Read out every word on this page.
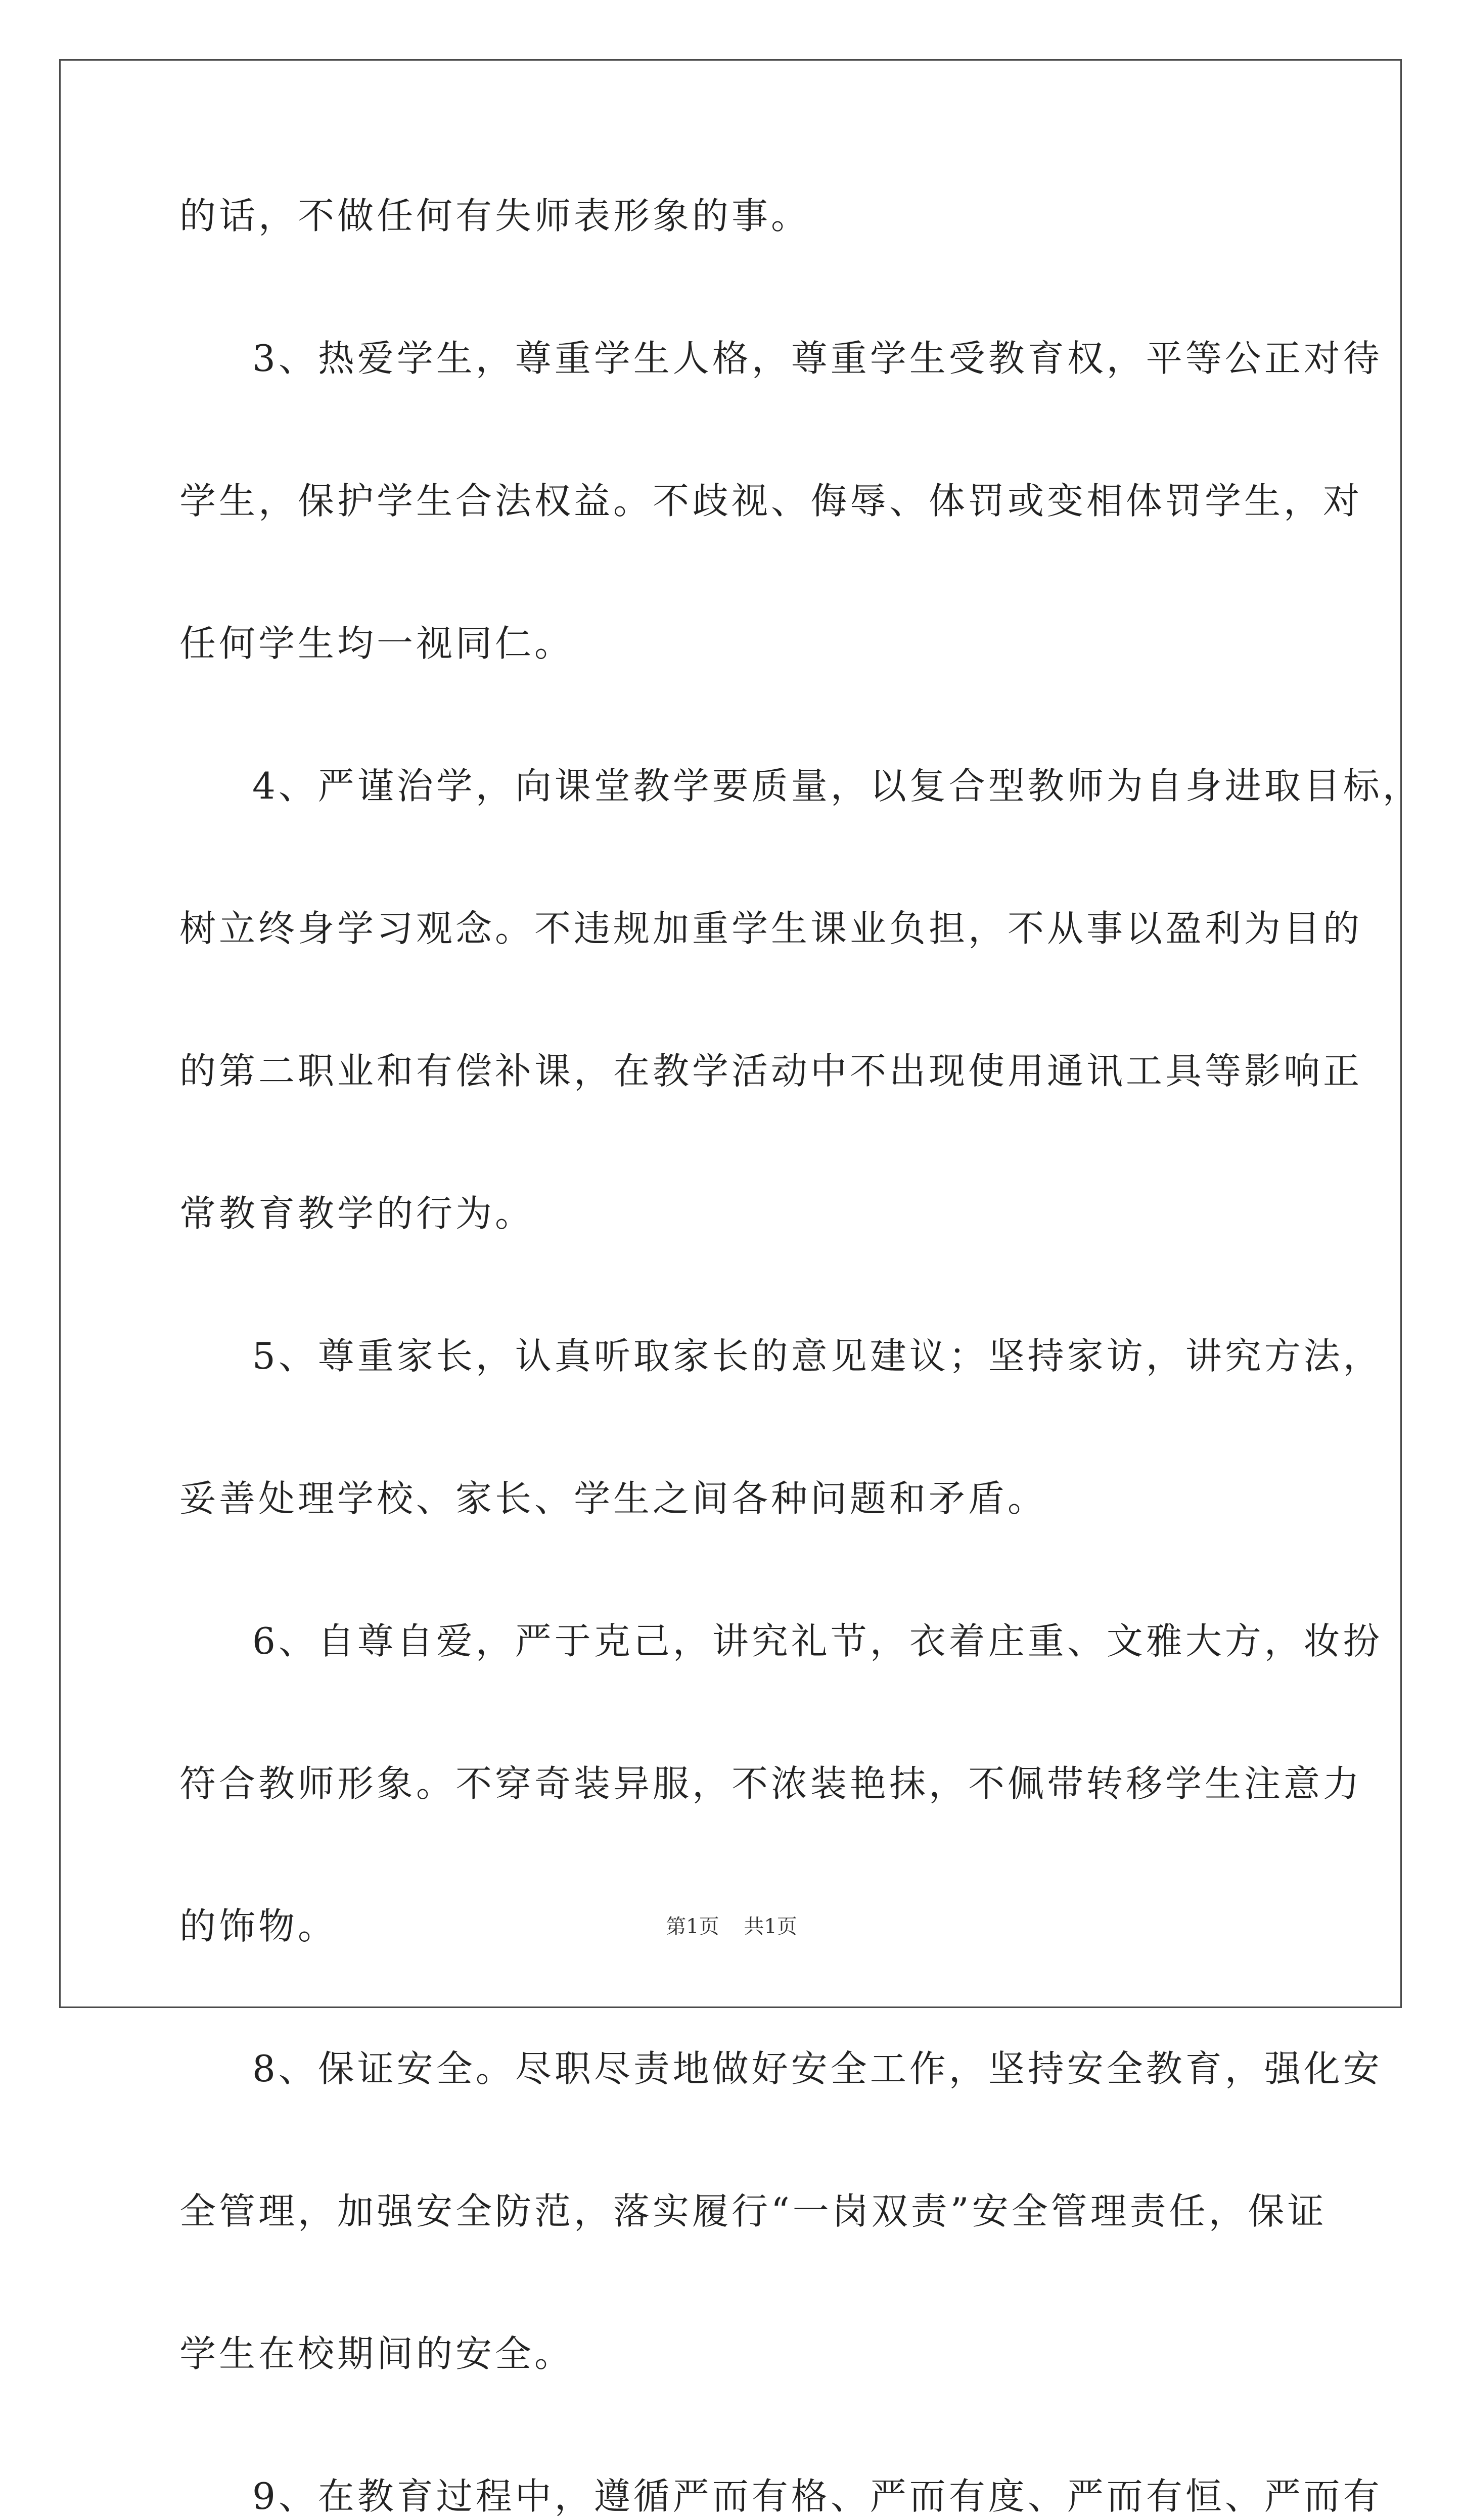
的话，不做任何有失师表形象的事。
3、热爱学生，尊重学生人格，尊重学生受教育权，平等公正对待
学生，保护学生合法权益。不歧视、侮辱、体罚或变相体罚学生，对
任何学生均一视同仁。
4、严谨治学，向课堂教学要质量，以复合型教师为自身进取目标，
树立终身学习观念。不违规加重学生课业负担，不从事以盈利为目的
的第二职业和有偿补课，在教学活动中不出现使用通讯工具等影响正
常教育教学的行为。
5、尊重家长，认真听取家长的意见建议；坚持家访，讲究方法，
妥善处理学校、家长、学生之间各种问题和矛盾。
6、自尊自爱，严于克己，讲究礼节，衣着庄重、文雅大方，妆扮
符合教师形象。不穿奇装异服，不浓装艳抹，不佩带转移学生注意力
的饰物。
8、保证安全。尽职尽责地做好安全工作，坚持安全教育，强化安
全管理，加强安全防范，落实履行“一岗双责”安全管理责任，保证
学生在校期间的安全。
9、在教育过程中，遵循严而有格、严而有度、严而有恒、严而有
第1页 共1页
